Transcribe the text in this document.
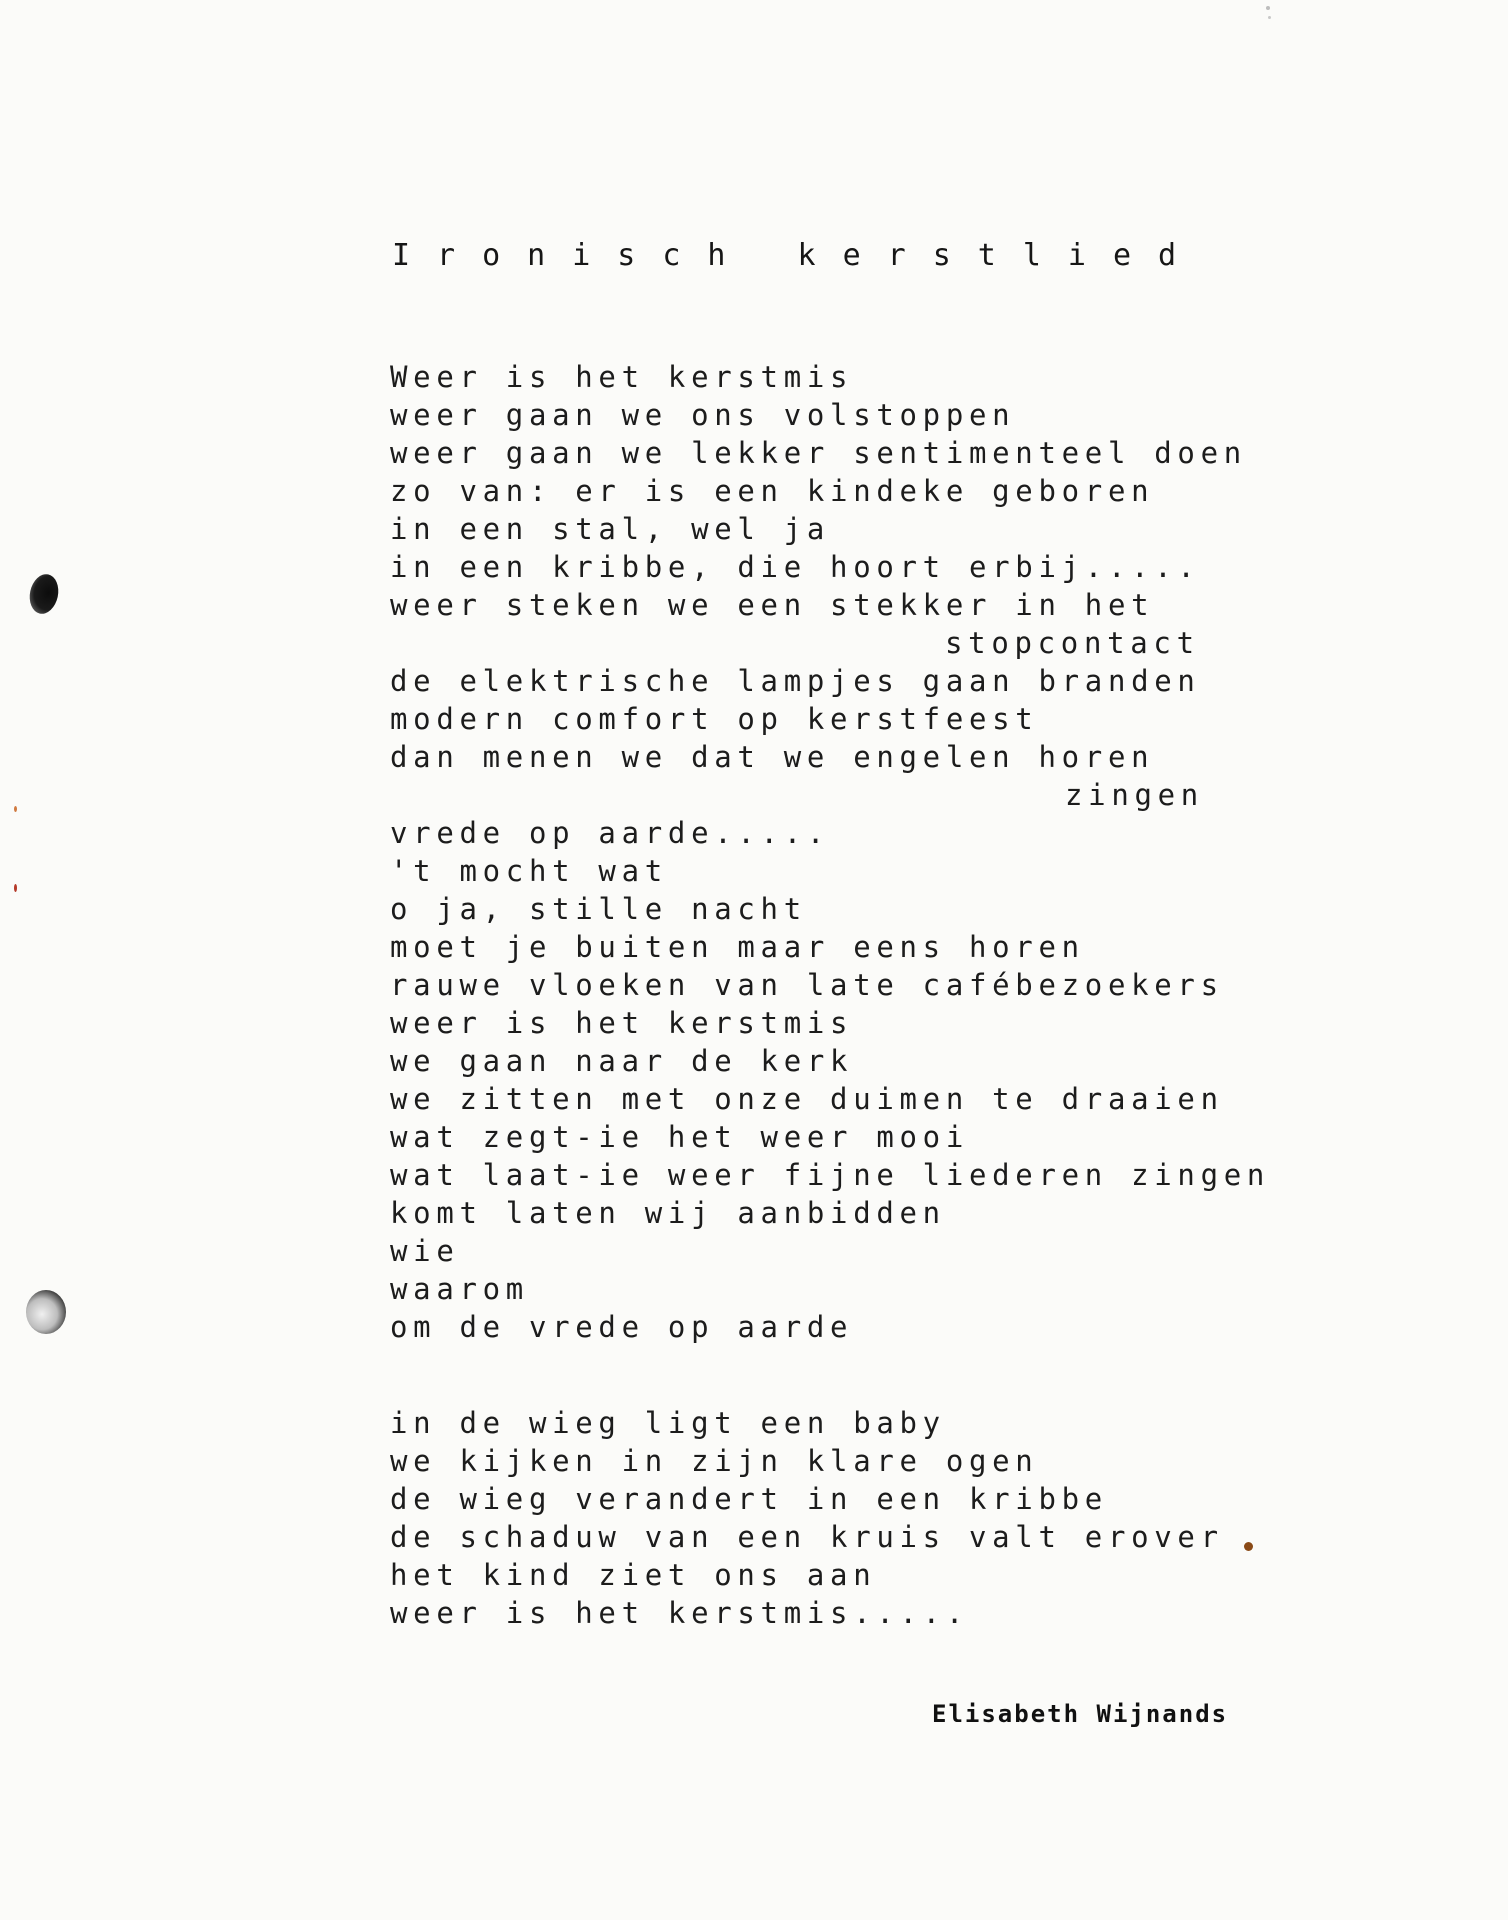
Ironisch kerstlied
Weer is het kerstmis
weer gaan we ons volstoppen
weer gaan we lekker sentimenteel doen
zo van: er is een kindeke geboren
in een stal, wel ja
in een kribbe, die hoort erbij.....
weer steken we een stekker in het
stopcontact
de elektrische lampjes gaan branden
modern comfort op kerstfeest
dan menen we dat we engelen horen
zingen
vrede op aarde.....
't mocht wat
o ja, stille nacht
moet je buiten maar eens horen
rauwe vloeken van late cafébezoekers
weer is het kerstmis
we gaan naar de kerk
we zitten met onze duimen te draaien
wat zegt-ie het weer mooi
wat laat-ie weer fijne liederen zingen
komt laten wij aanbidden
wie
waarom
om de vrede op aarde
in de wieg ligt een baby
we kijken in zijn klare ogen
de wieg verandert in een kribbe
de schaduw van een kruis valt erover
het kind ziet ons aan
weer is het kerstmis.....
Elisabeth Wijnands
